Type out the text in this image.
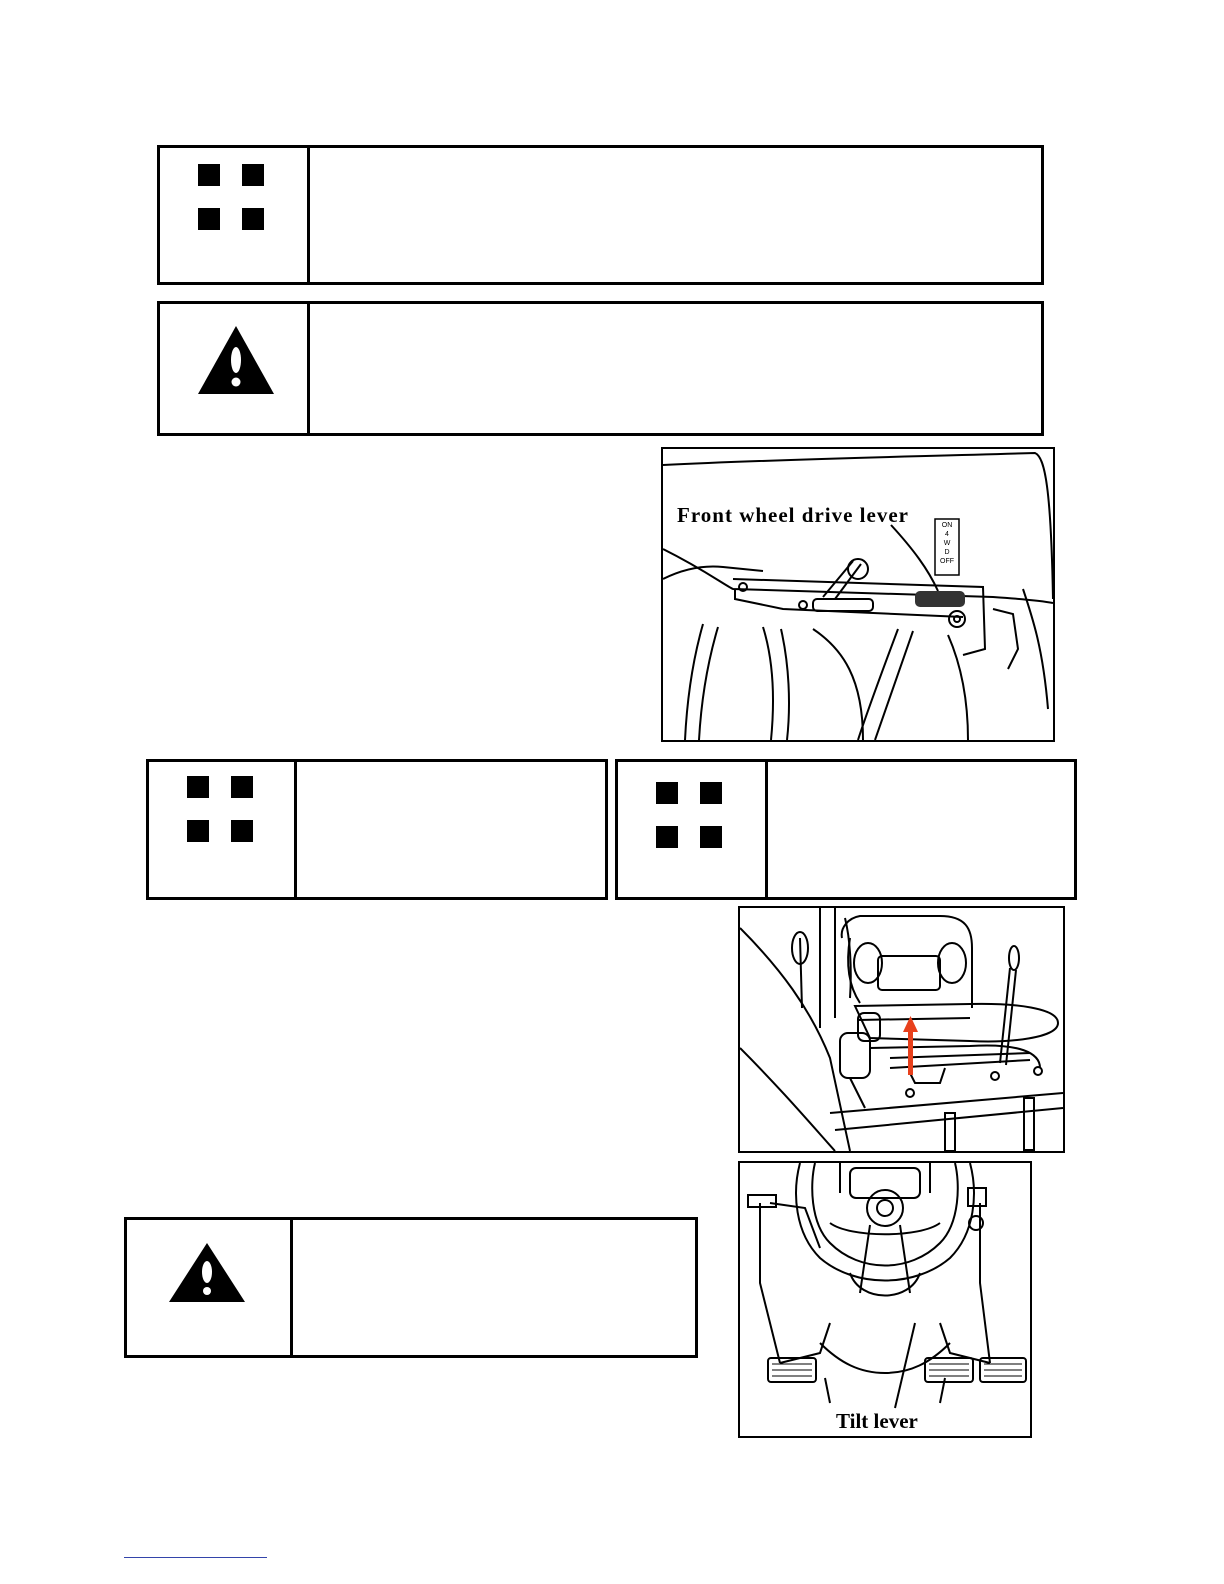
Front wheel drive lever	ON
4
W
D
OFF
Tilt lever
